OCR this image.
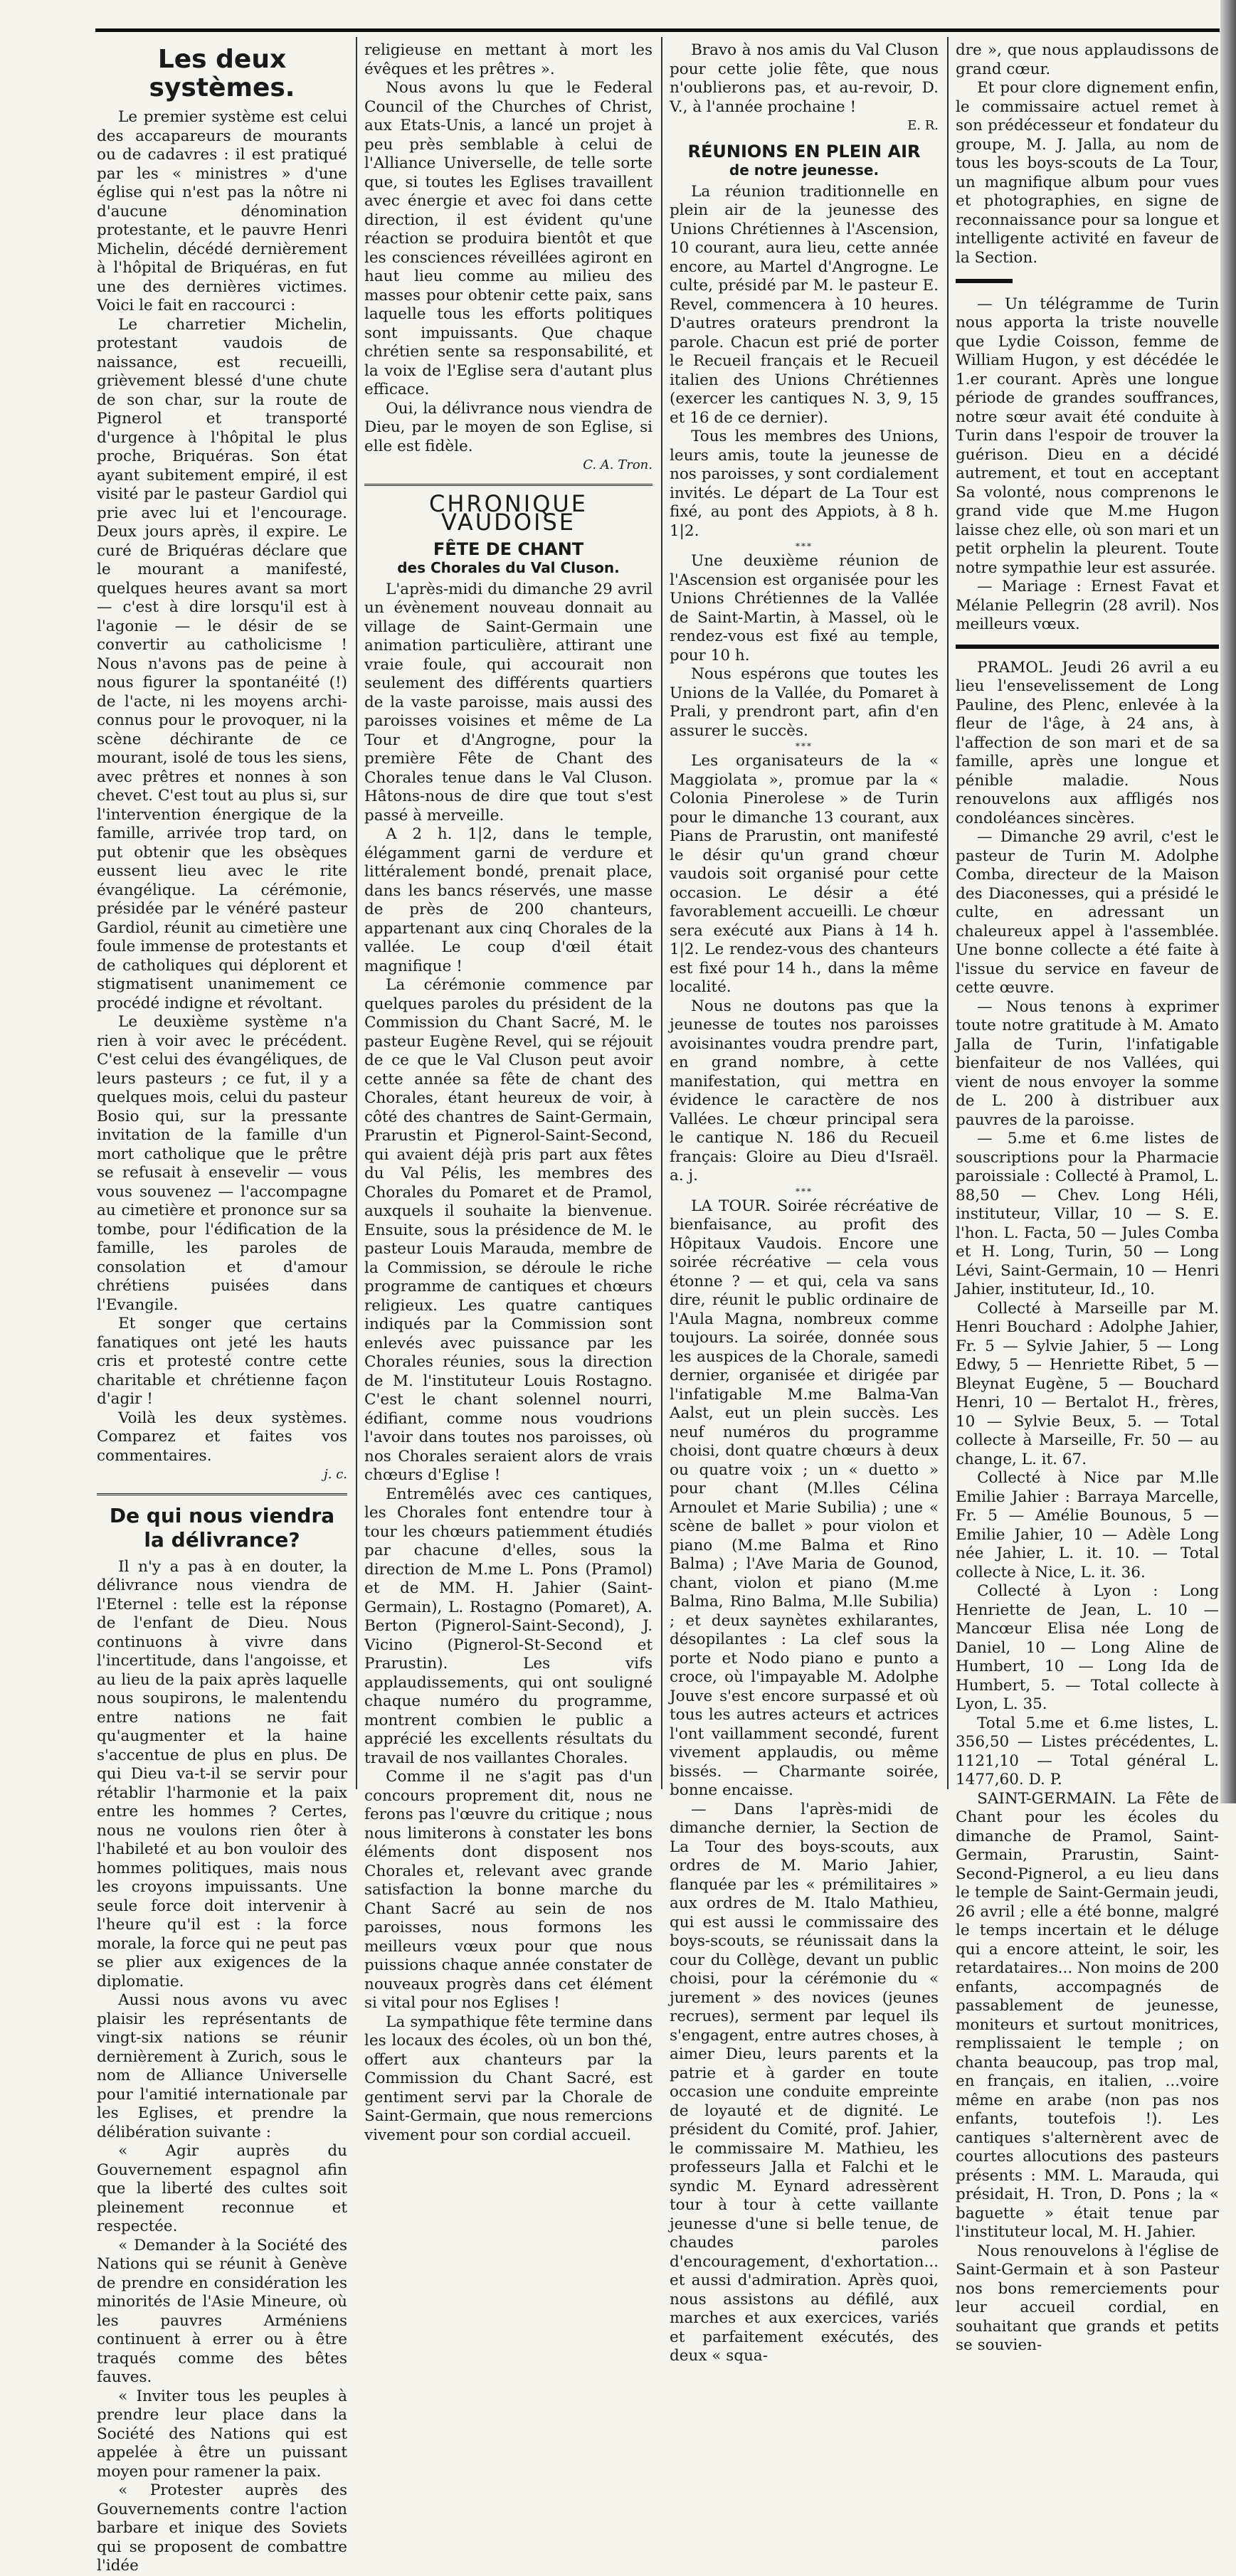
Les deux systèmes.

Le premier système est celui des accapareurs de mourants ou de cadavres : il est pratiqué par les « ministres » d'une église qui n'est pas la nôtre ni d'aucune dénomination protestante, et le pauvre Henri Michelin, décédé dernièrement à l'hôpital de Briquéras, en fut une des dernières victimes. Voici le fait en raccourci :

Le charretier Michelin, protestant vaudois de naissance, est recueilli, grièvement blessé d'une chute de son char, sur la route de Pignerol et transporté d'urgence à l'hôpital le plus proche, Briquéras. Son état ayant subitement empiré, il est visité par le pasteur Gardiol qui prie avec lui et l'encourage. Deux jours après, il expire. Le curé de Briquéras déclare que le mourant a manifesté, quelques heures avant sa mort — c'est à dire lorsqu'il est à l'agonie — le désir de se convertir au catholicisme ! Nous n'avons pas de peine à nous figurer la spontanéité (!) de l'acte, ni les moyens archi-connus pour le provoquer, ni la scène déchirante de ce mourant, isolé de tous les siens, avec prêtres et nonnes à son chevet. C'est tout au plus si, sur l'intervention énergique de la famille, arrivée trop tard, on put obtenir que les obsèques eussent lieu avec le rite évangélique. La cérémonie, présidée par le vénéré pasteur Gardiol, réunit au cimetière une foule immense de protestants et de catholiques qui déplorent et stigmatisent unanimement ce procédé indigne et révoltant.

Le deuxième système n'a rien à voir avec le précédent. C'est celui des évangéliques, de leurs pasteurs ; ce fut, il y a quelques mois, celui du pasteur Bosio qui, sur la pressante invitation de la famille d'un mort catholique que le prêtre se refusait à ensevelir — vous vous souvenez — l'accompagne au cimetière et prononce sur sa tombe, pour l'édification de la famille, les paroles de consolation et d'amour chrétiens puisées dans l'Evangile.

Et songer que certains fanatiques ont jeté les hauts cris et protesté contre cette charitable et chrétienne façon d'agir !

Voilà les deux systèmes. Comparez et faites vos commentaires.

j. c.
De qui nous viendra la délivrance?

Il n'y a pas à en douter, la délivrance nous viendra de l'Eternel : telle est la réponse de l'enfant de Dieu. Nous continuons à vivre dans l'incertitude, dans l'angoisse, et au lieu de la paix après laquelle nous soupirons, le malentendu entre nations ne fait qu'augmenter et la haine s'accentue de plus en plus. De qui Dieu va-t-il se servir pour rétablir l'harmonie et la paix entre les hommes ? Certes, nous ne voulons rien ôter à l'habileté et au bon vouloir des hommes politiques, mais nous les croyons impuissants. Une seule force doit intervenir à l'heure qu'il est : la force morale, la force qui ne peut pas se plier aux exigences de la diplomatie.

Aussi nous avons vu avec plaisir les représentants de vingt-six nations se réunir dernièrement à Zurich, sous le nom de Alliance Universelle pour l'amitié internationale par les Eglises, et prendre la délibération suivante :

« Agir auprès du Gouvernement espagnol afin que la liberté des cultes soit pleinement reconnue et respectée.

« Demander à la Société des Nations qui se réunit à Genève de prendre en considération les minorités de l'Asie Mineure, où les pauvres Arméniens continuent à errer ou à être traqués comme des bêtes fauves.

« Inviter tous les peuples à prendre leur place dans la Société des Nations qui est appelée à être un puissant moyen pour ramener la paix.

« Protester auprès des Gouvernements contre l'action barbare et inique des Soviets qui se proposent de combattre l'idée

religieuse en mettant à mort les évêques et les prêtres ».

Nous avons lu que le Federal Council of the Churches of Christ, aux Etats-Unis, a lancé un projet à peu près semblable à celui de l'Alliance Universelle, de telle sorte que, si toutes les Eglises travaillent avec énergie et avec foi dans cette direction, il est évident qu'une réaction se produira bientôt et que les consciences réveillées agiront en haut lieu comme au milieu des masses pour obtenir cette paix, sans laquelle tous les efforts politiques sont impuissants. Que chaque chrétien sente sa responsabilité, et la voix de l'Eglise sera d'autant plus efficace.

Oui, la délivrance nous viendra de Dieu, par le moyen de son Eglise, si elle est fidèle.

C. A. Tron.
CHRONIQUE VAUDOISE
FÊTE DE CHANT
des Chorales du Val Cluson.

L'après-midi du dimanche 29 avril un évènement nouveau donnait au village de Saint-Germain une animation particulière, attirant une vraie foule, qui accourait non seulement des différents quartiers de la vaste paroisse, mais aussi des paroisses voisines et même de La Tour et d'Angrogne, pour la première Fête de Chant des Chorales tenue dans le Val Cluson. Hâtons-nous de dire que tout s'est passé à merveille.

A 2 h. 1|2, dans le temple, élégamment garni de verdure et littéralement bondé, prenait place, dans les bancs réservés, une masse de près de 200 chanteurs, appartenant aux cinq Chorales de la vallée. Le coup d'œil était magnifique !

La cérémonie commence par quelques paroles du président de la Commission du Chant Sacré, M. le pasteur Eugène Revel, qui se réjouit de ce que le Val Cluson peut avoir cette année sa fête de chant des Chorales, étant heureux de voir, à côté des chantres de Saint-Germain, Prarustin et Pignerol-Saint-Second, qui avaient déjà pris part aux fêtes du Val Pélis, les membres des Chorales du Pomaret et de Pramol, auxquels il souhaite la bienvenue. Ensuite, sous la présidence de M. le pasteur Louis Marauda, membre de la Commission, se déroule le riche programme de cantiques et chœurs religieux. Les quatre cantiques indiqués par la Commission sont enlevés avec puissance par les Chorales réunies, sous la direction de M. l'instituteur Louis Rostagno. C'est le chant solennel nourri, édifiant, comme nous voudrions l'avoir dans toutes nos paroisses, où nos Chorales seraient alors de vrais chœurs d'Eglise !

Entremêlés avec ces cantiques, les Chorales font entendre tour à tour les chœurs patiemment étudiés par chacune d'elles, sous la direction de M.me L. Pons (Pramol) et de MM. H. Jahier (Saint-Germain), L. Rostagno (Pomaret), A. Berton (Pignerol-Saint-Second), J. Vicino (Pignerol-St-Second et Prarustin). Les vifs applaudissements, qui ont souligné chaque numéro du programme, montrent combien le public a apprécié les excellents résultats du travail de nos vaillantes Chorales.

Comme il ne s'agit pas d'un concours proprement dit, nous ne ferons pas l'œuvre du critique ; nous nous limiterons à constater les bons éléments dont disposent nos Chorales et, relevant avec grande satisfaction la bonne marche du Chant Sacré au sein de nos paroisses, nous formons les meilleurs vœux pour que nous puissions chaque année constater de nouveaux progrès dans cet élément si vital pour nos Eglises !

La sympathique fête termine dans les locaux des écoles, où un bon thé, offert aux chanteurs par la Commission du Chant Sacré, est gentiment servi par la Chorale de Saint-Germain, que nous remercions vivement pour son cordial accueil.

Bravo à nos amis du Val Cluson pour cette jolie fête, que nous n'oublierons pas, et au-revoir, D. V., à l'année prochaine !

E. R.
RÉUNIONS EN PLEIN AIR
de notre jeunesse.

La réunion traditionnelle en plein air de la jeunesse des Unions Chrétiennes à l'Ascension, 10 courant, aura lieu, cette année encore, au Martel d'Angrogne. Le culte, présidé par M. le pasteur E. Revel, commencera à 10 heures. D'autres orateurs prendront la parole. Chacun est prié de porter le Recueil français et le Recueil italien des Unions Chrétiennes (exercer les cantiques N. 3, 9, 15 et 16 de ce dernier).

Tous les membres des Unions, leurs amis, toute la jeunesse de nos paroisses, y sont cordialement invités. Le départ de La Tour est fixé, au pont des Appiots, à 8 h. 1|2.

***

Une deuxième réunion de l'Ascension est organisée pour les Unions Chrétiennes de la Vallée de Saint-Martin, à Massel, où le rendez-vous est fixé au temple, pour 10 h.

Nous espérons que toutes les Unions de la Vallée, du Pomaret à Prali, y prendront part, afin d'en assurer le succès.

***

Les organisateurs de la « Maggiolata », promue par la « Colonia Pinerolese » de Turin pour le dimanche 13 courant, aux Pians de Prarustin, ont manifesté le désir qu'un grand chœur vaudois soit organisé pour cette occasion. Le désir a été favorablement accueilli. Le chœur sera exécuté aux Pians à 14 h. 1|2. Le rendez-vous des chanteurs est fixé pour 14 h., dans la même localité.

Nous ne doutons pas que la jeunesse de toutes nos paroisses avoisinantes voudra prendre part, en grand nombre, à cette manifestation, qui mettra en évidence le caractère de nos Vallées. Le chœur principal sera le cantique N. 186 du Recueil français: Gloire au Dieu d'Israël. a. j.

***

LA TOUR. Soirée récréative de bienfaisance, au profit des Hôpitaux Vaudois. Encore une soirée récréative — cela vous étonne ? — et qui, cela va sans dire, réunit le public ordinaire de l'Aula Magna, nombreux comme toujours. La soirée, donnée sous les auspices de la Chorale, samedi dernier, organisée et dirigée par l'infatigable M.me Balma-Van Aalst, eut un plein succès. Les neuf numéros du programme choisi, dont quatre chœurs à deux ou quatre voix ; un « duetto » pour chant (M.lles Célina Arnoulet et Marie Subilia) ; une « scène de ballet » pour violon et piano (M.me Balma et Rino Balma) ; l'Ave Maria de Gounod, chant, violon et piano (M.me Balma, Rino Balma, M.lle Subilia) ; et deux saynètes exhilarantes, désopilantes : La clef sous la porte et Nodo piano e punto a croce, où l'impayable M. Adolphe Jouve s'est encore surpassé et où tous les autres acteurs et actrices l'ont vaillamment secondé, furent vivement applaudis, ou même bissés. — Charmante soirée, bonne encaisse.

— Dans l'après-midi de dimanche dernier, la Section de La Tour des boys-scouts, aux ordres de M. Mario Jahier, flanquée par les « prémilitaires » aux ordres de M. Italo Mathieu, qui est aussi le commissaire des boys-scouts, se réunissait dans la cour du Collège, devant un public choisi, pour la cérémonie du « jurement » des novices (jeunes recrues), serment par lequel ils s'engagent, entre autres choses, à aimer Dieu, leurs parents et la patrie et à garder en toute occasion une conduite empreinte de loyauté et de dignité. Le président du Comité, prof. Jahier, le commissaire M. Mathieu, les professeurs Jalla et Falchi et le syndic M. Eynard adressèrent tour à tour à cette vaillante jeunesse d'une si belle tenue, de chaudes paroles d'encouragement, d'exhortation... et aussi d'admiration. Après quoi, nous assistons au défilé, aux marches et aux exercices, variés et parfaitement exécutés, des deux « squa-

dre », que nous applaudissons de grand cœur.

Et pour clore dignement enfin, le commissaire actuel remet à son prédécesseur et fondateur du groupe, M. J. Jalla, au nom de tous les boys-scouts de La Tour, un magnifique album pour vues et photographies, en signe de reconnaissance pour sa longue et intelligente activité en faveur de la Section.

— Un télégramme de Turin nous apporta la triste nouvelle que Lydie Coisson, femme de William Hugon, y est décédée le 1.er courant. Après une longue période de grandes souffrances, notre sœur avait été conduite à Turin dans l'espoir de trouver la guérison. Dieu en a décidé autrement, et tout en acceptant Sa volonté, nous comprenons le grand vide que M.me Hugon laisse chez elle, où son mari et un petit orphelin la pleurent. Toute notre sympathie leur est assurée.

— Mariage : Ernest Favat et Mélanie Pellegrin (28 avril). Nos meilleurs vœux.

PRAMOL. Jeudi 26 avril a eu lieu l'ensevelissement de Long Pauline, des Plenc, enlevée à la fleur de l'âge, à 24 ans, à l'affection de son mari et de sa famille, après une longue et pénible maladie. Nous renouvelons aux affligés nos condoléances sincères.

— Dimanche 29 avril, c'est le pasteur de Turin M. Adolphe Comba, directeur de la Maison des Diaconesses, qui a présidé le culte, en adressant un chaleureux appel à l'assemblée. Une bonne collecte a été faite à l'issue du service en faveur de cette œuvre.

— Nous tenons à exprimer toute notre gratitude à M. Amato Jalla de Turin, l'infatigable bienfaiteur de nos Vallées, qui vient de nous envoyer la somme de L. 200 à distribuer aux pauvres de la paroisse.

— 5.me et 6.me listes de souscriptions pour la Pharmacie paroissiale : Collecté à Pramol, L. 88,50 — Chev. Long Héli, instituteur, Villar, 10 — S. E. l'hon. L. Facta, 50 — Jules Comba et H. Long, Turin, 50 — Long Lévi, Saint-Germain, 10 — Henri Jahier, instituteur, Id., 10.

Collecté à Marseille par M. Henri Bouchard : Adolphe Jahier, Fr. 5 — Sylvie Jahier, 5 — Long Edwy, 5 — Henriette Ribet, 5 — Bleynat Eugène, 5 — Bouchard Henri, 10 — Bertalot H., frères, 10 — Sylvie Beux, 5. — Total collecte à Marseille, Fr. 50 — au change, L. it. 67.

Collecté à Nice par M.lle Emilie Jahier : Barraya Marcelle, Fr. 5 — Amélie Bounous, 5 — Emilie Jahier, 10 — Adèle Long née Jahier, L. it. 10. — Total collecte à Nice, L. it. 36.

Collecté à Lyon : Long Henriette de Jean, L. 10 — Mancœur Elisa née Long de Daniel, 10 — Long Aline de Humbert, 10 — Long Ida de Humbert, 5. — Total collecte à Lyon, L. 35.

Total 5.me et 6.me listes, L. 356,50 — Listes précédentes, L. 1121,10 — Total général L. 1477,60. D. P.

SAINT-GERMAIN. La Fête de Chant pour les écoles du dimanche de Pramol, Saint-Germain, Prarustin, Saint-Second-Pignerol, a eu lieu dans le temple de Saint-Germain jeudi, 26 avril ; elle a été bonne, malgré le temps incertain et le déluge qui a encore atteint, le soir, les retardataires... Non moins de 200 enfants, accompagnés de passablement de jeunesse, moniteurs et surtout monitrices, remplissaient le temple ; on chanta beaucoup, pas trop mal, en français, en italien, ...voire même en arabe (non pas nos enfants, toutefois !). Les cantiques s'alternèrent avec de courtes allocutions des pasteurs présents : MM. L. Marauda, qui présidait, H. Tron, D. Pons ; la « baguette » était tenue par l'instituteur local, M. H. Jahier.

Nous renouvelons à l'église de Saint-Germain et à son Pasteur nos bons remerciements pour leur accueil cordial, en souhaitant que grands et petits se souvien-
